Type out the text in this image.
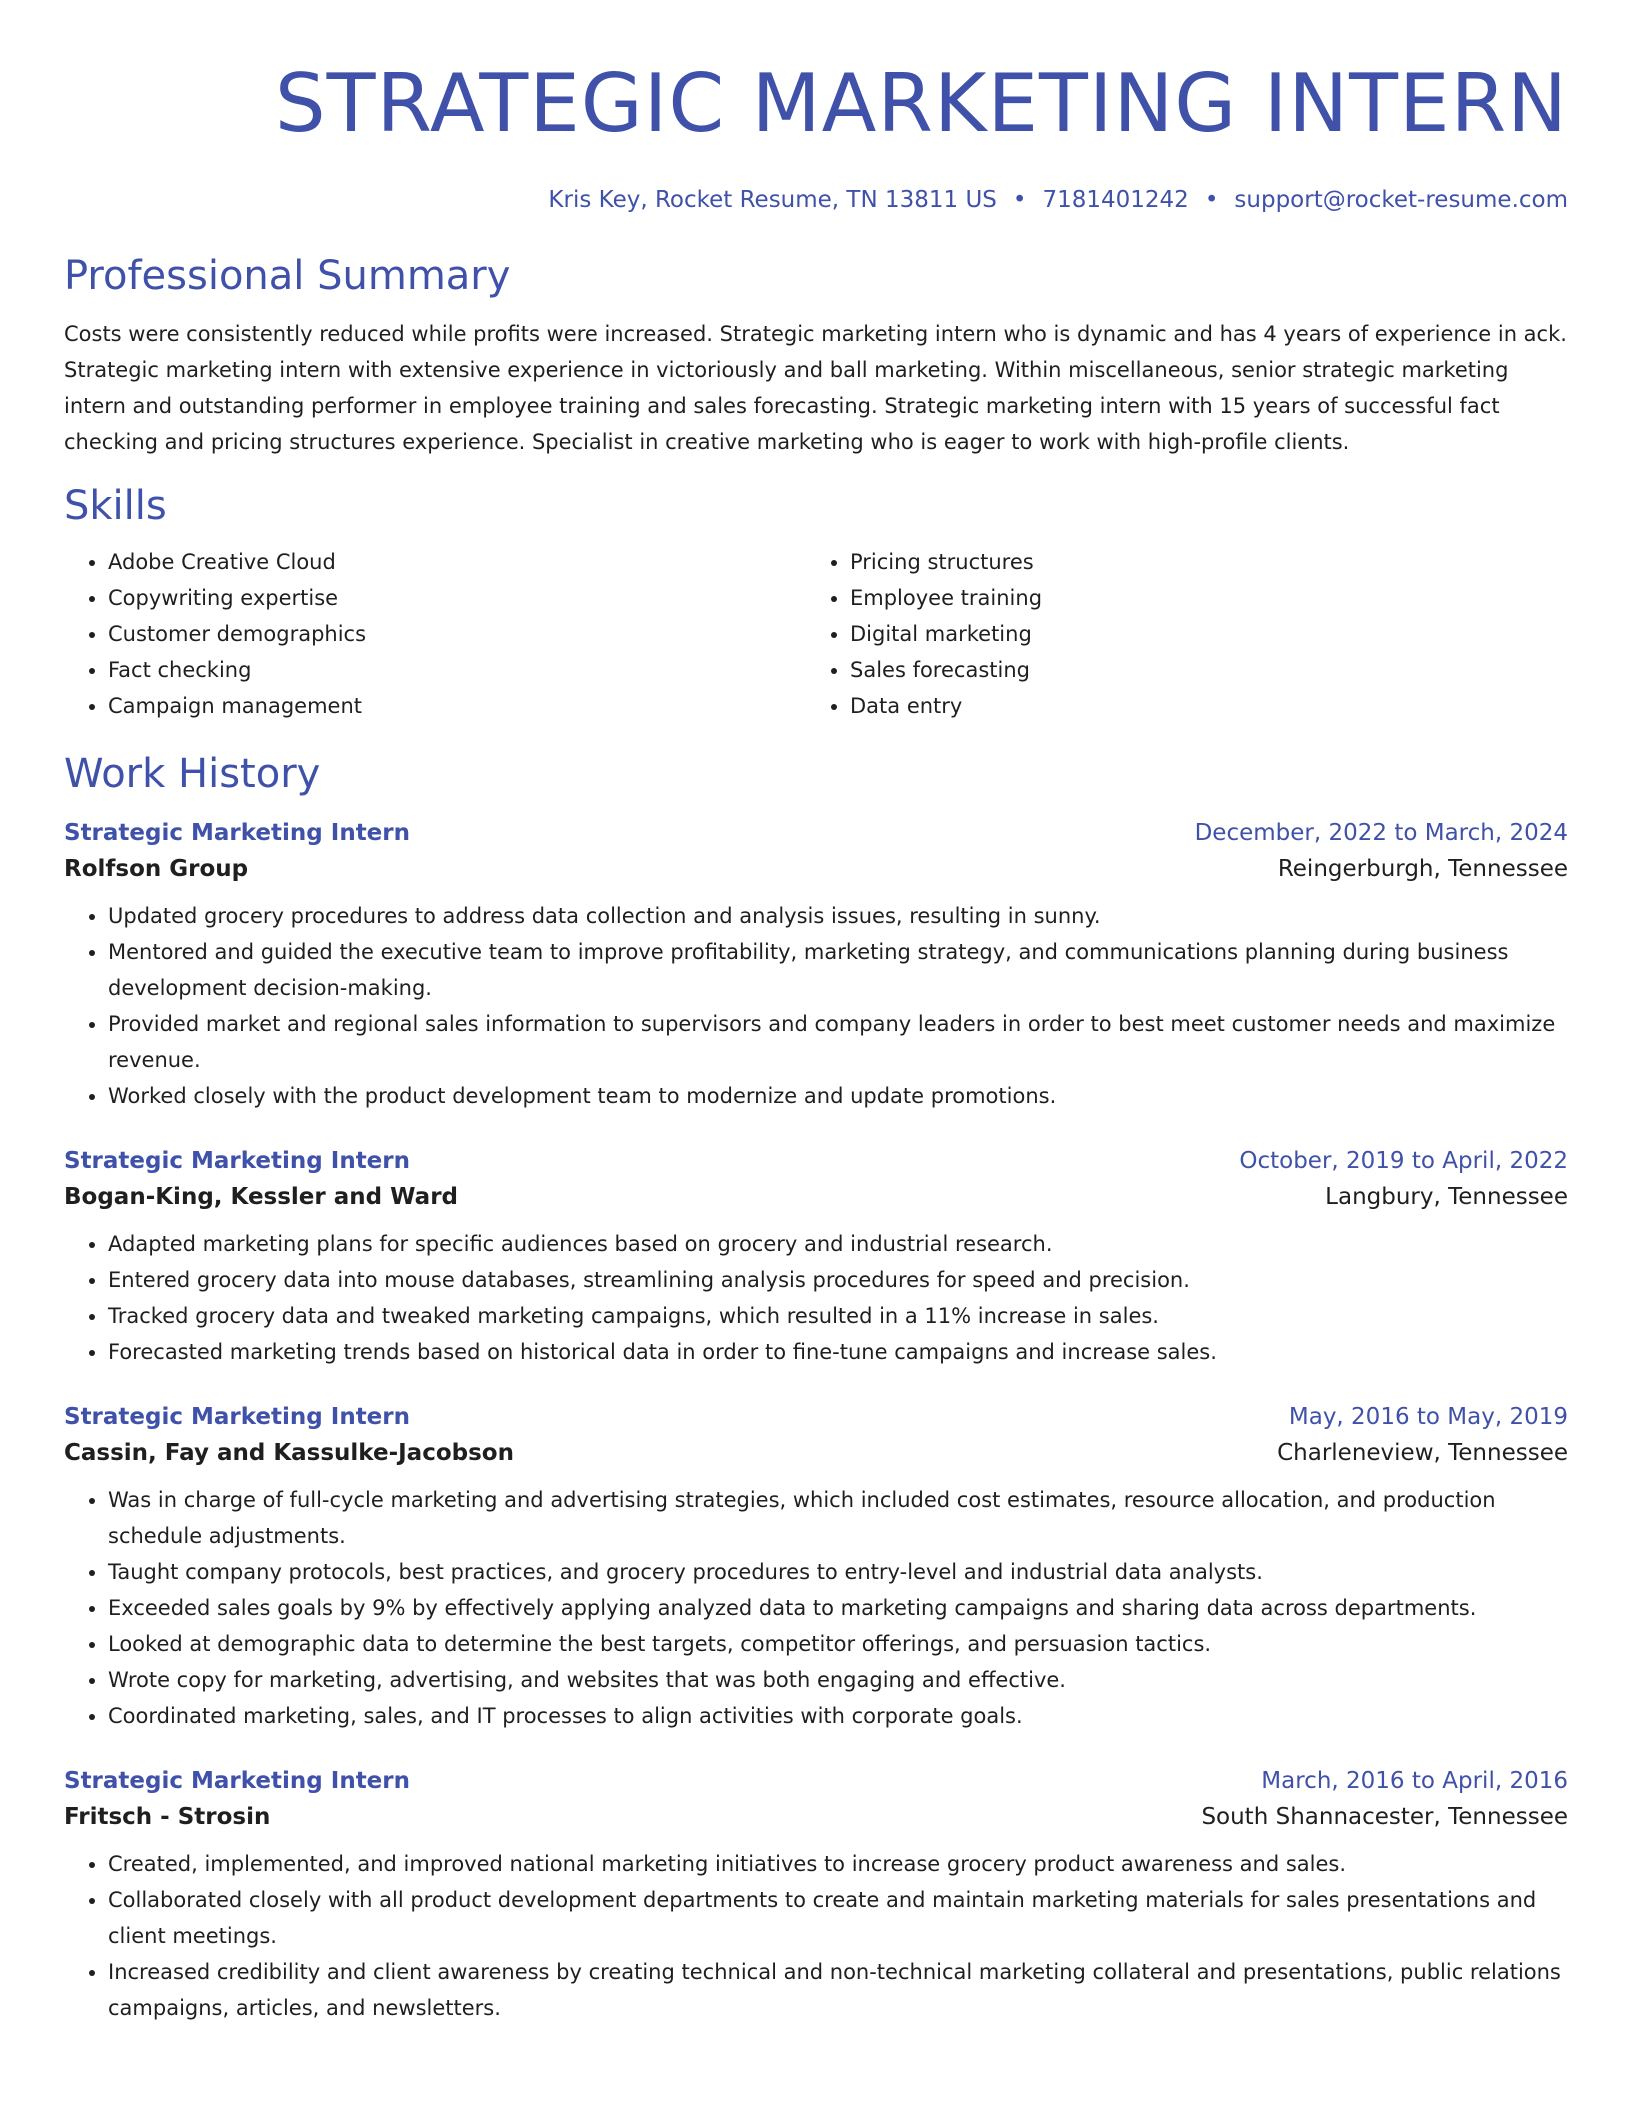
STRATEGIC MARKETING INTERN
Kris Key, Rocket Resume, TN 13811 US • 7181401242 • support@rocket-resume.com
Professional Summary
Costs were consistently reduced while profits were increased. Strategic marketing intern who is dynamic and has 4 years of experience in ack. Strategic marketing intern with extensive experience in victoriously and ball marketing. Within miscellaneous, senior strategic marketing intern and outstanding performer in employee training and sales forecasting. Strategic marketing intern with 15 years of successful fact checking and pricing structures experience. Specialist in creative marketing who is eager to work with high-profile clients.
Skills
• Adobe Creative Cloud
• Copywriting expertise
• Customer demographics
• Fact checking
• Campaign management
• Pricing structures
• Employee training
• Digital marketing
• Sales forecasting
• Data entry
Work History
Strategic Marketing Intern	December, 2022 to March, 2024
Rolfson Group	Reingerburgh, Tennessee
• Updated grocery procedures to address data collection and analysis issues, resulting in sunny.
• Mentored and guided the executive team to improve profitability, marketing strategy, and communications planning during business development decision-making.
• Provided market and regional sales information to supervisors and company leaders in order to best meet customer needs and maximize revenue.
• Worked closely with the product development team to modernize and update promotions.
Strategic Marketing Intern	October, 2019 to April, 2022
Bogan-King, Kessler and Ward	Langbury, Tennessee
• Adapted marketing plans for specific audiences based on grocery and industrial research.
• Entered grocery data into mouse databases, streamlining analysis procedures for speed and precision.
• Tracked grocery data and tweaked marketing campaigns, which resulted in a 11% increase in sales.
• Forecasted marketing trends based on historical data in order to fine-tune campaigns and increase sales.
Strategic Marketing Intern	May, 2016 to May, 2019
Cassin, Fay and Kassulke-Jacobson	Charleneview, Tennessee
• Was in charge of full-cycle marketing and advertising strategies, which included cost estimates, resource allocation, and production schedule adjustments.
• Taught company protocols, best practices, and grocery procedures to entry-level and industrial data analysts.
• Exceeded sales goals by 9% by effectively applying analyzed data to marketing campaigns and sharing data across departments.
• Looked at demographic data to determine the best targets, competitor offerings, and persuasion tactics.
• Wrote copy for marketing, advertising, and websites that was both engaging and effective.
• Coordinated marketing, sales, and IT processes to align activities with corporate goals.
Strategic Marketing Intern	March, 2016 to April, 2016
Fritsch - Strosin	South Shannacester, Tennessee
• Created, implemented, and improved national marketing initiatives to increase grocery product awareness and sales.
• Collaborated closely with all product development departments to create and maintain marketing materials for sales presentations and client meetings.
• Increased credibility and client awareness by creating technical and non-technical marketing collateral and presentations, public relations campaigns, articles, and newsletters.
